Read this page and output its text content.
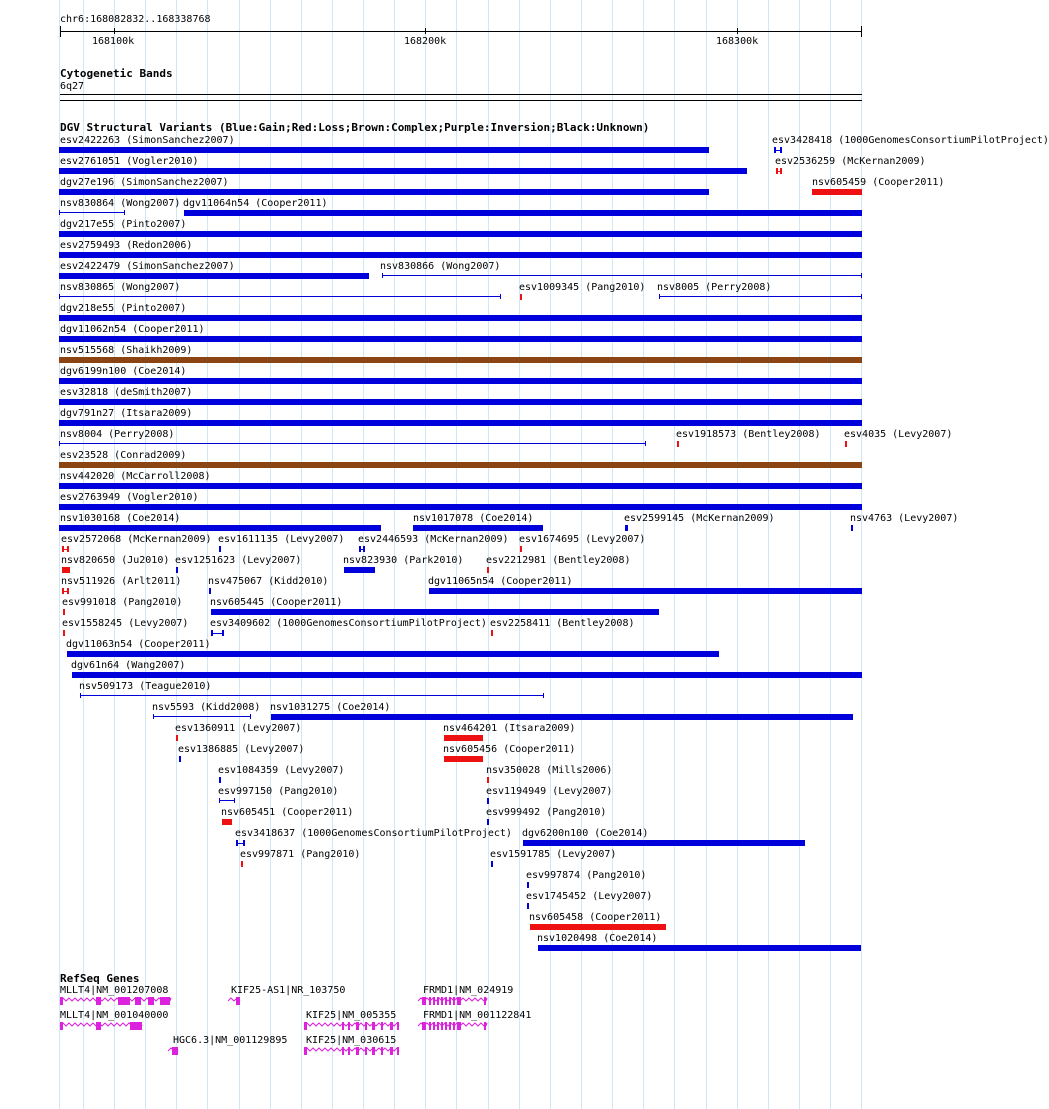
chr6:168082832..168338768
168100k	168200k	168300k
Cytogenetic Bands
6q27
DGV Structural Variants (Blue:Gain;Red:Loss;Brown:Complex;Purple:Inversion;Black:Unknown)
esv2422263 (SimonSanchez2007)	esv3428418 (1000GenomesConsortiumPilotProject)
esv2761051 (Vogler2010)	esv2536259 (McKernan2009)
dgv27e196 (SimonSanchez2007)	nsv605459 (Cooper2011)
nsv830864 (Wong2007) dgv11064n54 (Cooper2011)
dgv217e55 (Pinto2007)
esv2759493 (Redon2006)
esv2422479 (SimonSanchez2007)	nsv830866 (Wong2007)
nsv830865 (Wong2007)	esv1009345 (Pang2010) nsv8005 (Perry2008)
dgv218e55 (Pinto2007)
dgv11062n54 (Cooper2011)
nsv515568 (Shaikh2009)
dgv6199n100 (Coe2014)
esv32818 (deSmith2007)
dgv791n27 (Itsara2009)
nsv8004 (Perry2008)	esv1918573 (Bentley2008) esv4035 (Levy2007)
esv23528 (Conrad2009)
nsv442020 (McCarroll2008)
esv2763949 (Vogler2010)
nsv1030168 (Coe2014)	nsv1017078 (Coe2014)	esv2599145 (McKernan2009)	nsv4763 (Levy2007)
esv2572068 (McKernan2009) esv1611135 (Levy2007) esv2446593 (McKernan2009) esv1674695 (Levy2007)
nsv820650 (Ju2010) esv1251623 (Levy2007)	nsv823930 (Park2010) esv2212981 (Bentley2008)
nsv511926 (Arlt2011)	nsv475067 (Kidd2010)	dgv11065n54 (Cooper2011)
esv991018 (Pang2010)	nsv605445 (Cooper2011)
esv1558245 (Levy2007) esv3409602 (1000GenomesConsortiumPilotProject) esv2258411 (Bentley2008)
dgv11063n54 (Cooper2011)
dgv61n64 (Wang2007)
nsv509173 (Teague2010)
nsv5593 (Kidd2008) nsv1031275 (Coe2014)
esv1360911 (Levy2007)	nsv464201 (Itsara2009)
esv1386885 (Levy2007)	nsv605456 (Cooper2011)
esv1084359 (Levy2007)	nsv350028 (Mills2006)
esv997150 (Pang2010)	esv1194949 (Levy2007)
nsv605451 (Cooper2011)	esv999492 (Pang2010)
esv3418637 (1000GenomesConsortiumPilotProject) dgv6200n100 (Coe2014)
esv997871 (Pang2010)	esv1591785 (Levy2007)
esv997874 (Pang2010)
esv1745452 (Levy2007)
nsv605458 (Cooper2011)
nsv1020498 (Coe2014)
RefSeq Genes
MLLT4|NM_001207008	KIF25-AS1|NR_103750	FRMD1|NM_024919
MLLT4|NM_001040000	KIF25|NM_005355	FRMD1|NM_001122841
HGC6.3|NM_001129895 KIF25|NM_030615
